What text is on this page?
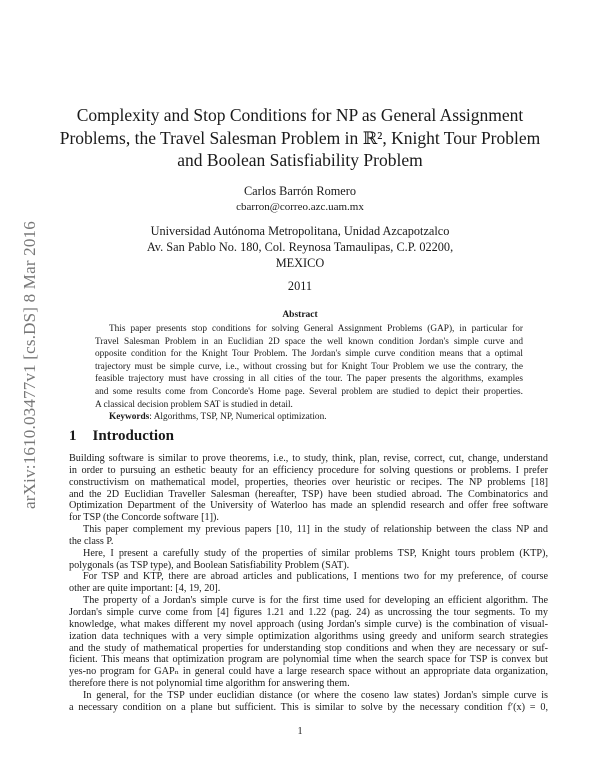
arXiv:1610.03477v1 [cs.DS] 8 Mar 2016
Complexity and Stop Conditions for NP as General Assignment
Problems, the Travel Salesman Problem in ℝ², Knight Tour Problem
and Boolean Satisfiability Problem
Carlos Barrón Romero
cbarron@correo.azc.uam.mx
Universidad Autónoma Metropolitana, Unidad Azcapotzalco
Av. San Pablo No. 180, Col. Reynosa Tamaulipas, C.P. 02200,
MEXICO
2011
Abstract
This paper presents stop conditions for solving General Assignment Problems (GAP), in particular for
Travel Salesman Problem in an Euclidian 2D space the well known condition Jordan's simple curve and
opposite condition for the Knight Tour Problem. The Jordan's simple curve condition means that a optimal
trajectory must be simple curve, i.e., without crossing but for Knight Tour Problem we use the contrary, the
feasible trajectory must have crossing in all cities of the tour. The paper presents the algorithms, examples
and some results come from Concorde's Home page. Several problem are studied to depict their properties.
A classical decision problem SAT is studied in detail.
Keywords: Algorithms, TSP, NP, Numerical optimization.
1 Introduction
Building software is similar to prove theorems, i.e., to study, think, plan, revise, correct, cut, change, understand
in order to pursuing an esthetic beauty for an efficiency procedure for solving questions or problems. I prefer
constructivism on mathematical model, properties, theories over heuristic or recipes. The NP problems [18]
and the 2D Euclidian Traveller Salesman (hereafter, TSP) have been studied abroad. The Combinatorics and
Optimization Department of the University of Waterloo has made an splendid research and offer free software
for TSP (the Concorde software [1]).
This paper complement my previous papers [10, 11] in the study of relationship between the class NP and
the class P.
Here, I present a carefully study of the properties of similar problems TSP, Knight tours problem (KTP),
polygonals (as TSP type), and Boolean Satisfiability Problem (SAT).
For TSP and KTP, there are abroad articles and publications, I mentions two for my preference, of course
other are quite important: [4, 19, 20].
The property of a Jordan's simple curve is for the first time used for developing an efficient algorithm. The
Jordan's simple curve come from [4] figures 1.21 and 1.22 (pag. 24) as uncrossing the tour segments. To my
knowledge, what makes different my novel approach (using Jordan's simple curve) is the combination of visual-
ization data techniques with a very simple optimization algorithms using greedy and uniform search strategies
and the study of mathematical properties for understanding stop conditions and when they are necessary or suf-
ficient. This means that optimization program are polynomial time when the search space for TSP is convex but
yes-no program for GAPₙ in general could have a large research space without an appropriate data organization,
therefore there is not polynomial time algorithm for answering them.
In general, for the TSP under euclidian distance (or where the coseno law states) Jordan's simple curve is
a necessary condition on a plane but sufficient. This is similar to solve by the necessary condition f′(x) = 0,
1
